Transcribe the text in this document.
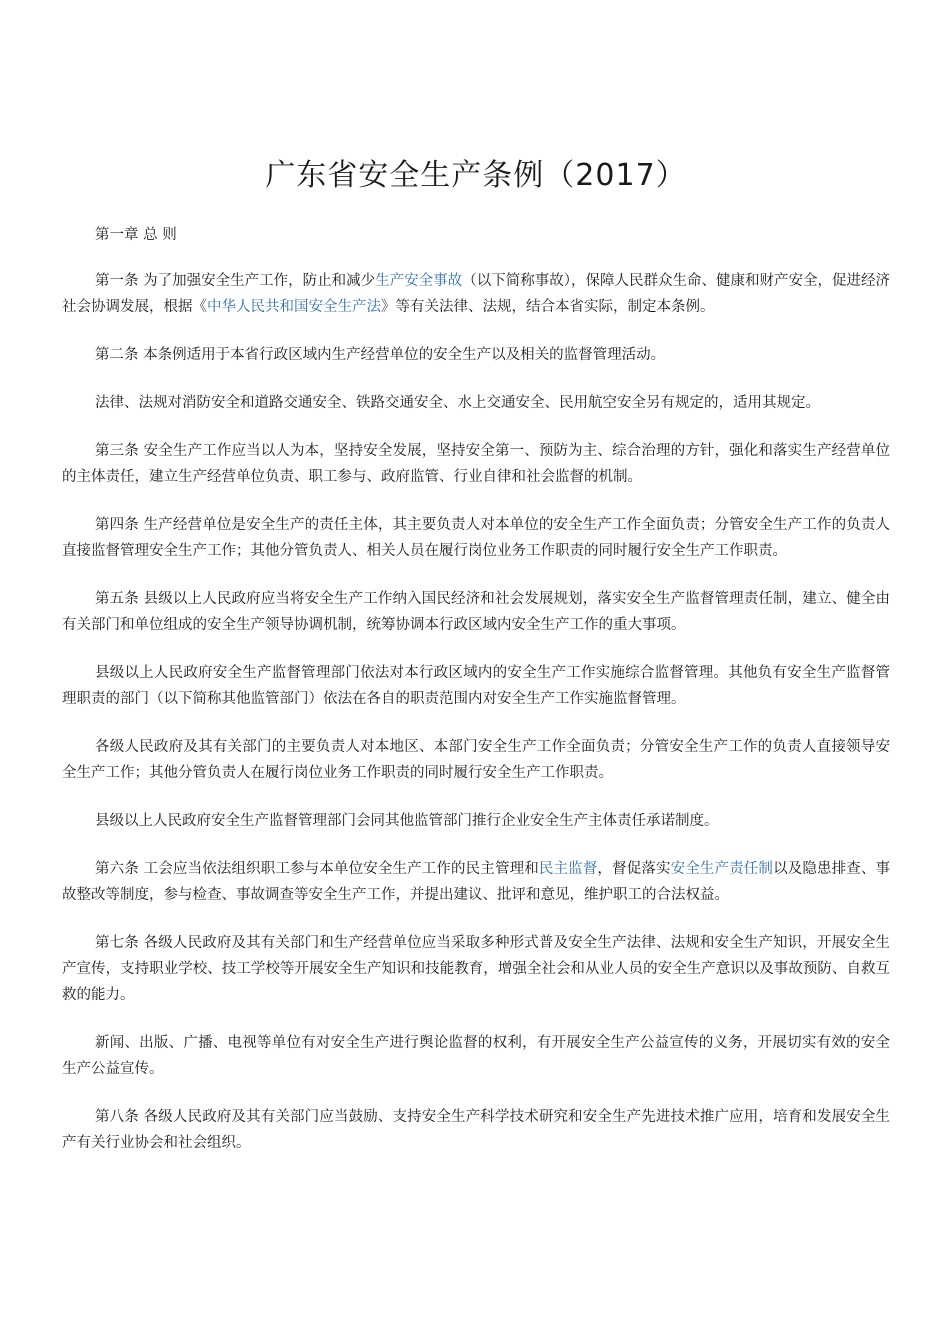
广东省安全生产条例（2017）

第一章 总 则

第一条 为了加强安全生产工作，防止和减少生产安全事故（以下简称事故），保障人民群众生命、健康和财产安全，促进经济社会协调发展，根据《中华人民共和国安全生产法》等有关法律、法规，结合本省实际，制定本条例。

第二条 本条例适用于本省行政区域内生产经营单位的安全生产以及相关的监督管理活动。

法律、法规对消防安全和道路交通安全、铁路交通安全、水上交通安全、民用航空安全另有规定的，适用其规定。

第三条 安全生产工作应当以人为本，坚持安全发展，坚持安全第一、预防为主、综合治理的方针，强化和落实生产经营单位的主体责任，建立生产经营单位负责、职工参与、政府监管、行业自律和社会监督的机制。

第四条 生产经营单位是安全生产的责任主体，其主要负责人对本单位的安全生产工作全面负责；分管安全生产工作的负责人直接监督管理安全生产工作；其他分管负责人、相关人员在履行岗位业务工作职责的同时履行安全生产工作职责。

第五条 县级以上人民政府应当将安全生产工作纳入国民经济和社会发展规划，落实安全生产监督管理责任制，建立、健全由有关部门和单位组成的安全生产领导协调机制，统筹协调本行政区域内安全生产工作的重大事项。

县级以上人民政府安全生产监督管理部门依法对本行政区域内的安全生产工作实施综合监督管理。其他负有安全生产监督管理职责的部门（以下简称其他监管部门）依法在各自的职责范围内对安全生产工作实施监督管理。

各级人民政府及其有关部门的主要负责人对本地区、本部门安全生产工作全面负责；分管安全生产工作的负责人直接领导安全生产工作；其他分管负责人在履行岗位业务工作职责的同时履行安全生产工作职责。

县级以上人民政府安全生产监督管理部门会同其他监管部门推行企业安全生产主体责任承诺制度。

第六条 工会应当依法组织职工参与本单位安全生产工作的民主管理和民主监督，督促落实安全生产责任制以及隐患排查、事故整改等制度，参与检查、事故调查等安全生产工作，并提出建议、批评和意见，维护职工的合法权益。

第七条 各级人民政府及其有关部门和生产经营单位应当采取多种形式普及安全生产法律、法规和安全生产知识，开展安全生产宣传，支持职业学校、技工学校等开展安全生产知识和技能教育，增强全社会和从业人员的安全生产意识以及事故预防、自救互救的能力。

新闻、出版、广播、电视等单位有对安全生产进行舆论监督的权利，有开展安全生产公益宣传的义务，开展切实有效的安全生产公益宣传。

第八条 各级人民政府及其有关部门应当鼓励、支持安全生产科学技术研究和安全生产先进技术推广应用，培育和发展安全生产有关行业协会和社会组织。
